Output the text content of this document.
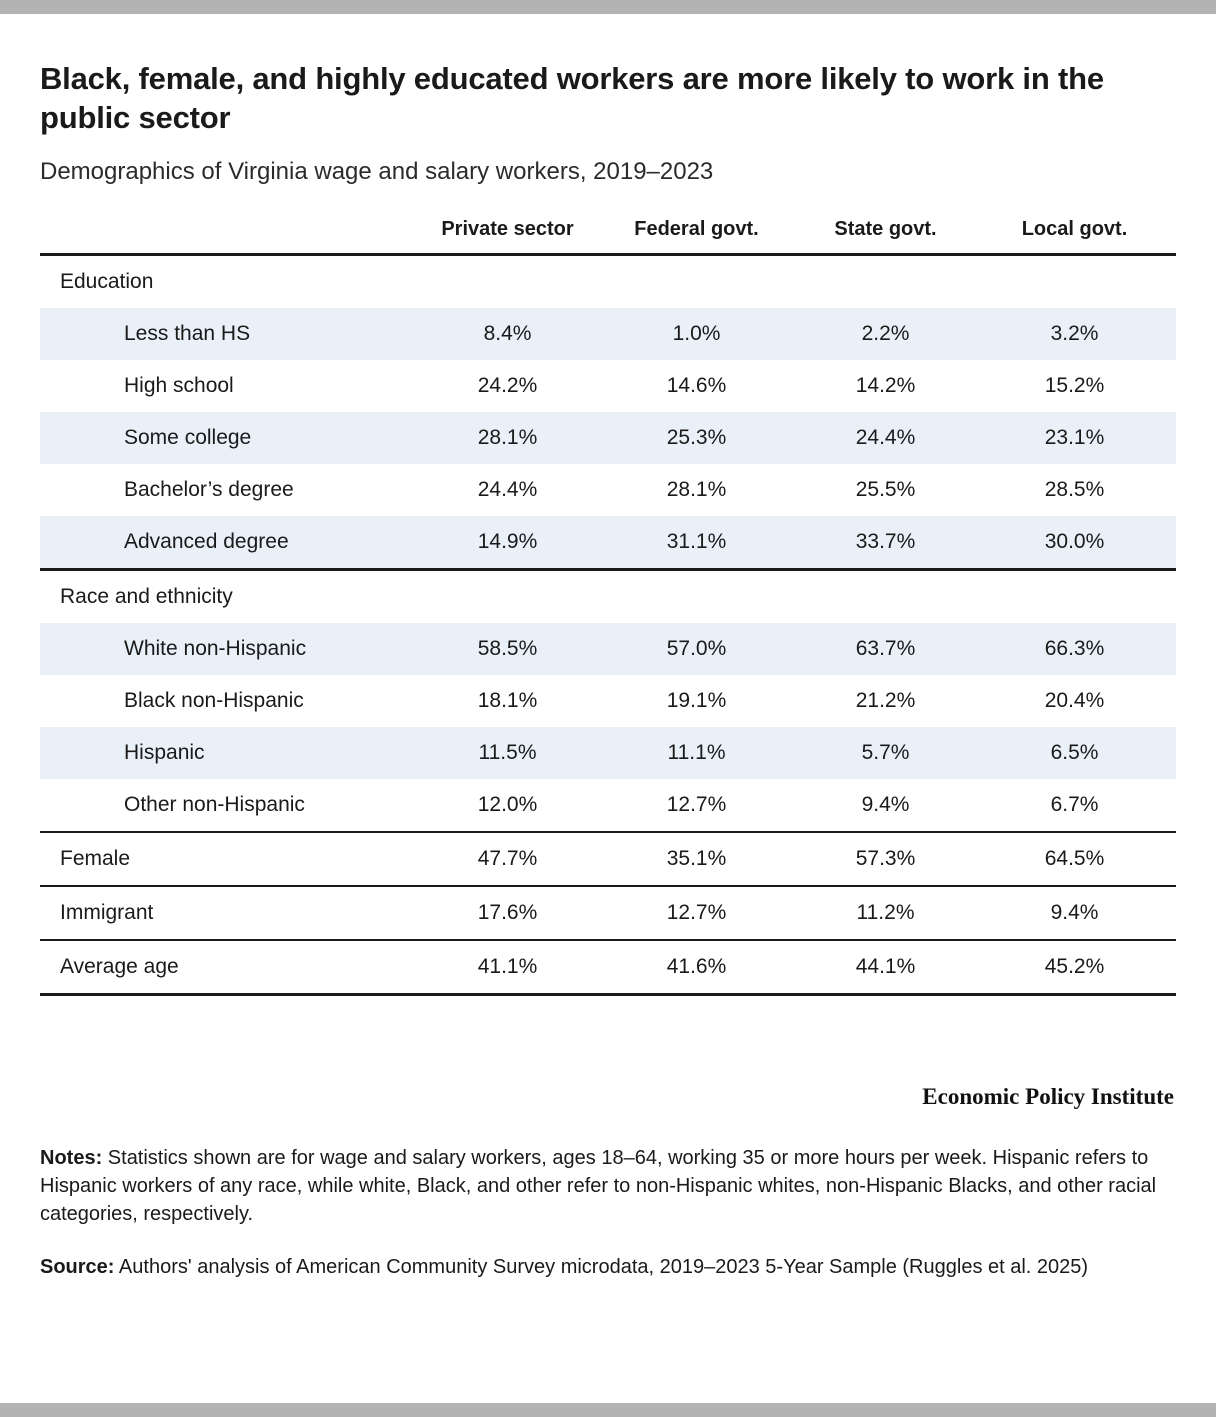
Black, female, and highly educated workers are more likely to work in the public sector
Demographics of Virginia wage and salary workers, 2019–2023
	Private sector	Federal govt.	State govt.	Local govt.
Education				
Less than HS	8.4%	1.0%	2.2%	3.2%
High school	24.2%	14.6%	14.2%	15.2%
Some college	28.1%	25.3%	24.4%	23.1%
Bachelor’s degree	24.4%	28.1%	25.5%	28.5%
Advanced degree	14.9%	31.1%	33.7%	30.0%
Race and ethnicity				
White non-Hispanic	58.5%	57.0%	63.7%	66.3%
Black non-Hispanic	18.1%	19.1%	21.2%	20.4%
Hispanic	11.5%	11.1%	5.7%	6.5%
Other non-Hispanic	12.0%	12.7%	9.4%	6.7%
Female	47.7%	35.1%	57.3%	64.5%
Immigrant	17.6%	12.7%	11.2%	9.4%
Average age	41.1%	41.6%	44.1%	45.2%
Economic Policy Institute
Notes: Statistics shown are for wage and salary workers, ages 18–64, working 35 or more hours per week. Hispanic refers to Hispanic workers of any race, while white, Black, and other refer to non-Hispanic whites, non-Hispanic Blacks, and other racial categories, respectively.
Source: Authors' analysis of American Community Survey microdata, 2019–2023 5-Year Sample (Ruggles et al. 2025)
